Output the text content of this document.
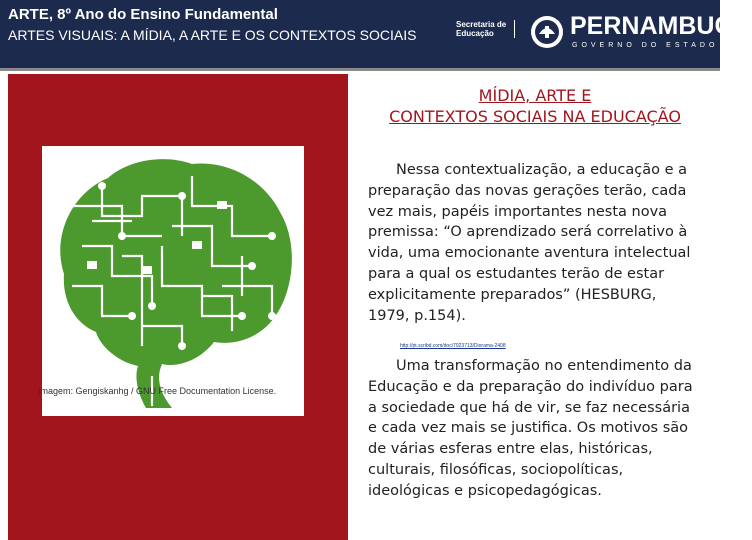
ARTE, 8º Ano do Ensino Fundamental
ARTES VISUAIS: A MÍDIA, A ARTE E OS CONTEXTOS SOCIAIS
Secretaria de
Educação	PERNAMBUCO
GOVERNO DO ESTADO
Imagem: Gengiskanhg / GNU Free Documentation License.
MÍDIA, ARTE E
CONTEXTOS SOCIAIS NA EDUCAÇÃO
Nessa contextualização, a educação e a preparação das novas gerações terão, cada vez mais, papéis importantes nesta nova premissa: “O aprendizado será correlativo à vida, uma emocionante aventura intelectual para a qual os estudantes terão de estar explicitamente preparados” (HESBURG, 1979, p.154).
http://pt.scribd.com/doc/7923713/Diorama-2408
Uma transformação no entendimento da Educação e da preparação do indivíduo para a sociedade que há de vir, se faz necessária e cada vez mais se justifica. Os motivos são de várias esferas entre elas, históricas, culturais, filosóficas, sociopolíticas, ideológicas e psicopedagógicas.
